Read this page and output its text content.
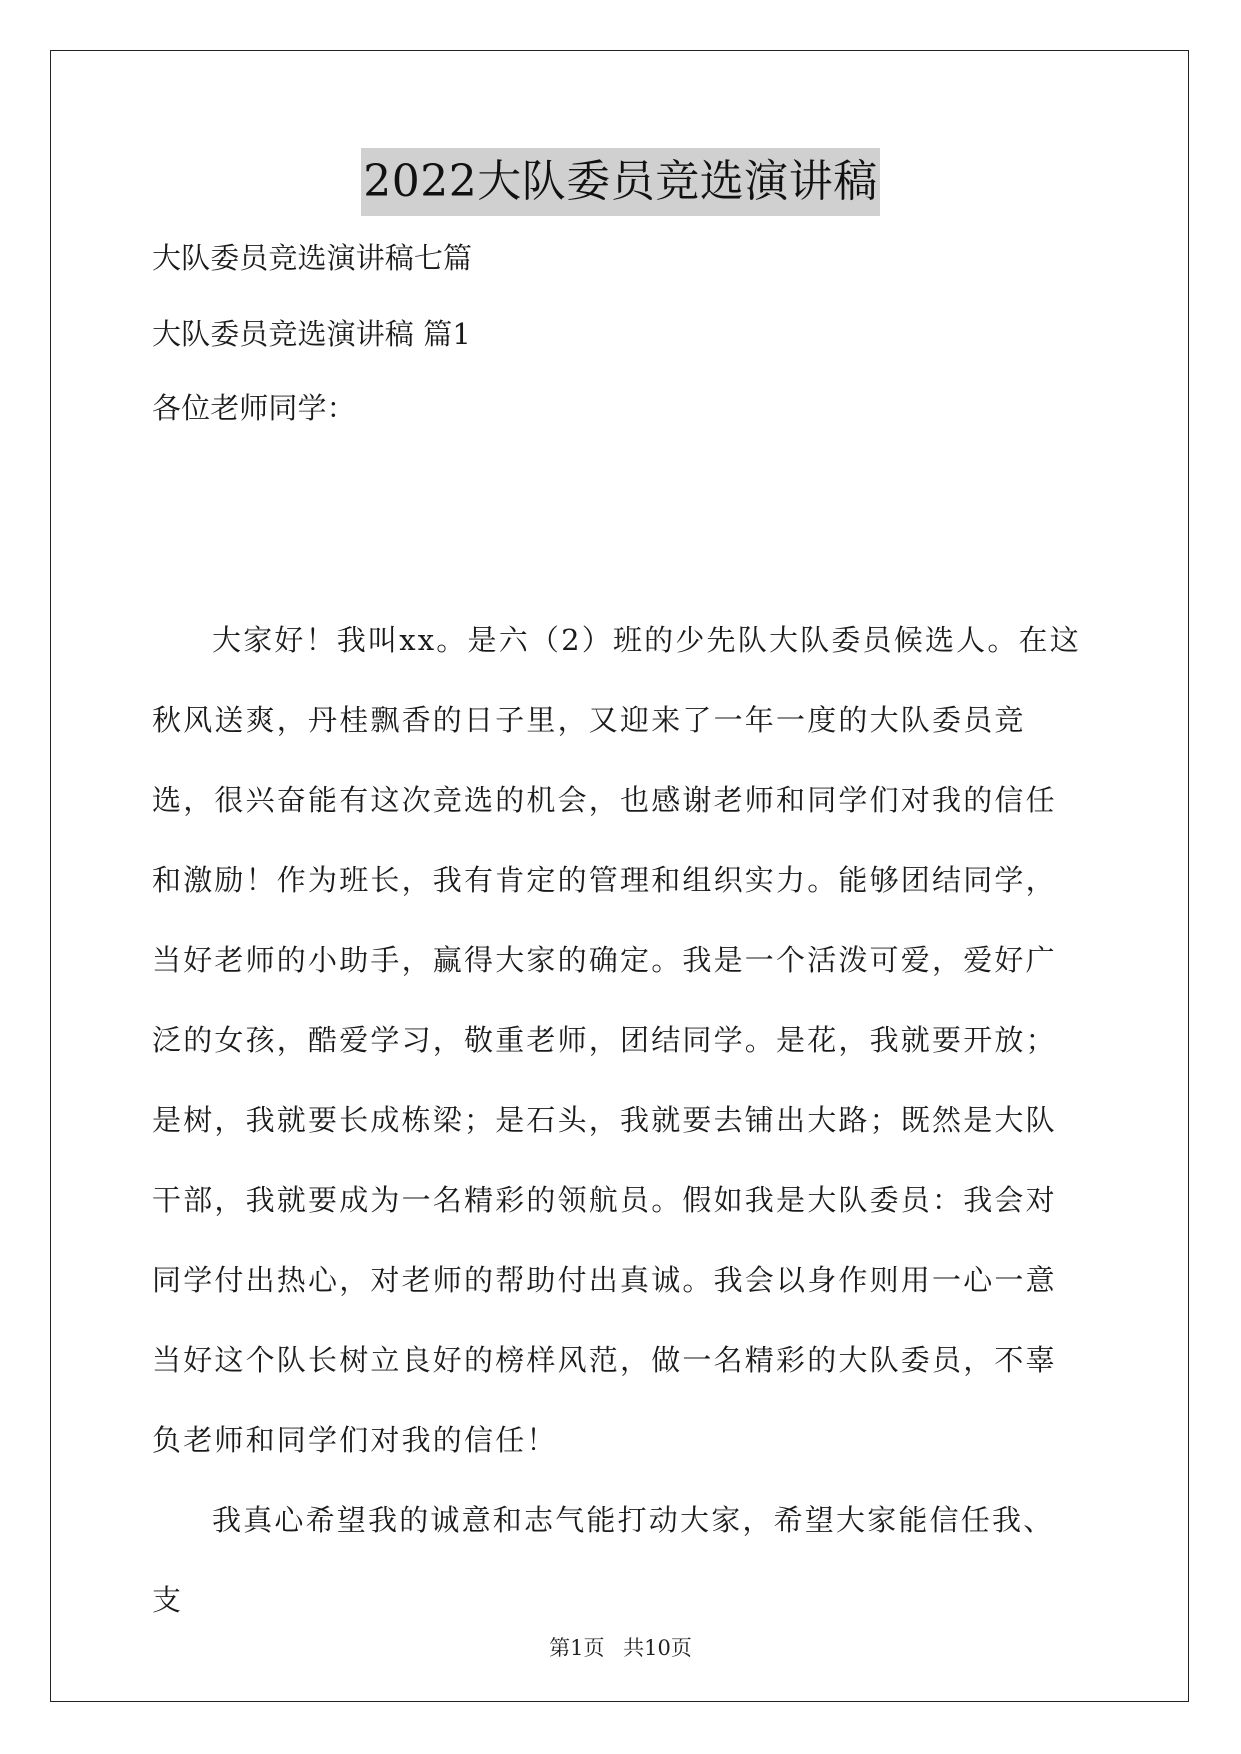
2022大队委员竞选演讲稿
大队委员竞选演讲稿七篇
大队委员竞选演讲稿 篇1
各位老师同学：

大家好！我叫xx。是六（2）班的少先队大队委员候选人。在这秋风送爽，丹桂飘香的日子里，又迎来了一年一度的大队委员竞选，很兴奋能有这次竞选的机会，也感谢老师和同学们对我的信任和激励！作为班长，我有肯定的管理和组织实力。能够团结同学，当好老师的小助手，赢得大家的确定。我是一个活泼可爱，爱好广泛的女孩，酷爱学习，敬重老师，团结同学。是花，我就要开放；是树，我就要长成栋梁；是石头，我就要去铺出大路；既然是大队干部，我就要成为一名精彩的领航员。假如我是大队委员：我会对同学付出热心，对老师的帮助付出真诚。我会以身作则用一心一意当好这个队长树立良好的榜样风范，做一名精彩的大队委员，不辜负老师和同学们对我的信任！

我真心希望我的诚意和志气能打动大家，希望大家能信任我、支

第1页 共10页
